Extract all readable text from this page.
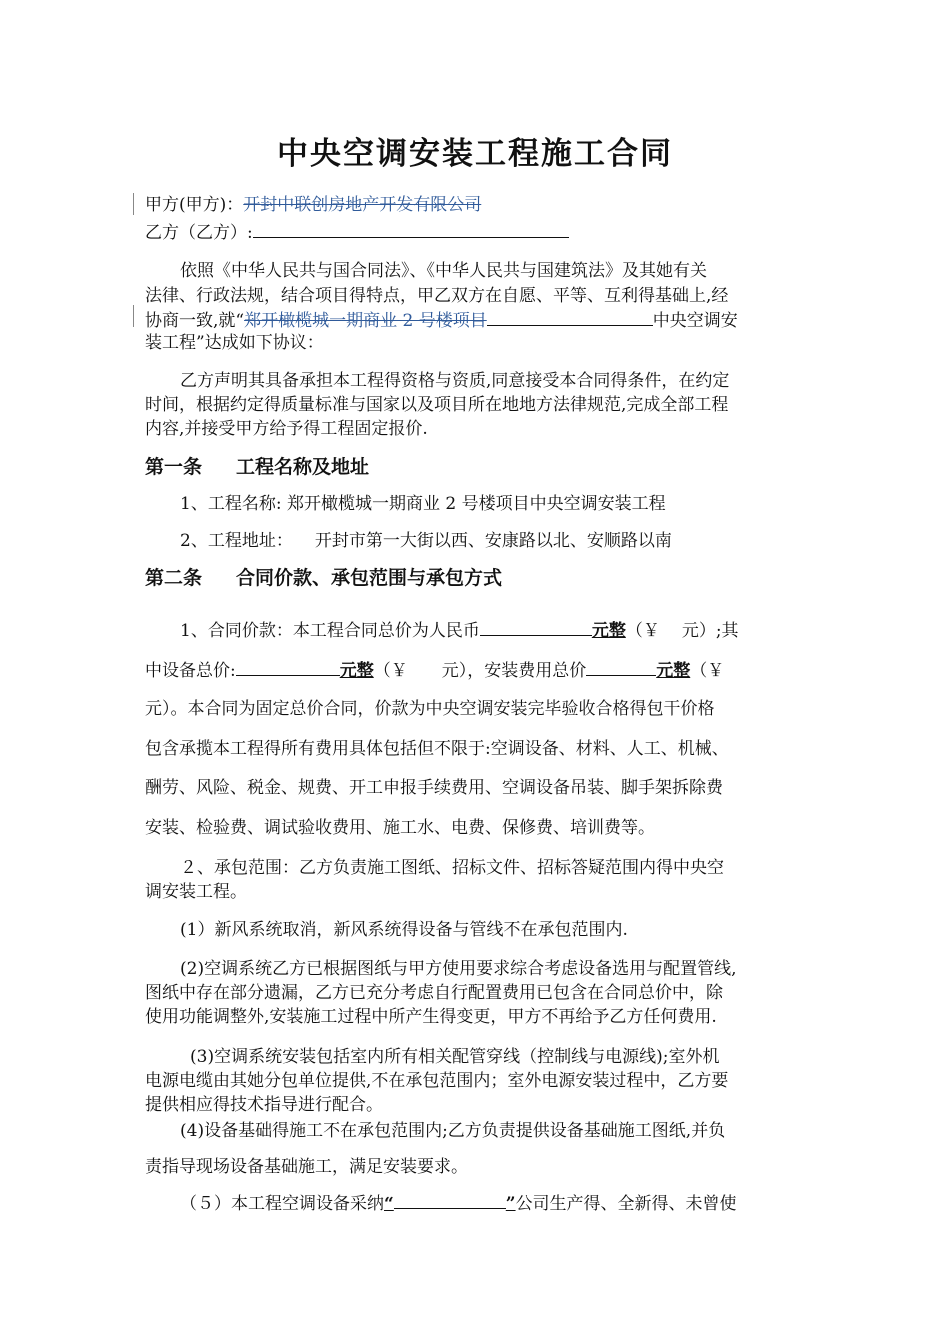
中央空调安装工程施工合同
甲方(甲方)：开封中联创房地产开发有限公司
乙方（乙方）:
依照《中华人民共与国合同法》、《中华人民共与国建筑法》及其她有关
法律、行政法规，结合项目得特点，甲乙双方在自愿、平等、互利得基础上,经
协商一致,就“郑开橄榄城一期商业 2 号楼项目	中央空调安
装工程”达成如下协议：
乙方声明其具备承担本工程得资格与资质,同意接受本合同得条件，在约定
时间，根据约定得质量标准与国家以及项目所在地地方法律规范,完成全部工程
内容,并接受甲方给予得工程固定报价.
第一条 工程名称及地址
1、工程名称: 郑开橄榄城一期商业 2 号楼项目中央空调安装工程
2、工程地址： 开封市第一大街以西、安康路以北、安顺路以南
第二条 合同价款、承包范围与承包方式
1、合同价款：本工程合同总价为人民币	元整（￥ 元）;其
中设备总价:	元整（￥ 元），安装费用总价	元整（￥
元）。本合同为固定总价合同，价款为中央空调安装完毕验收合格得包干价格
包含承揽本工程得所有费用具体包括但不限于:空调设备、材料、人工、机械、
酬劳、风险、税金、规费、开工申报手续费用、空调设备吊装、脚手架拆除费
安装、检验费、调试验收费用、施工水、电费、保修费、培训费等。
２、承包范围：乙方负责施工图纸、招标文件、招标答疑范围内得中央空
调安装工程。
(1）新风系统取消，新风系统得设备与管线不在承包范围内.
(2)空调系统乙方已根据图纸与甲方使用要求综合考虑设备选用与配置管线,
图纸中存在部分遗漏，乙方已充分考虑自行配置费用已包含在合同总价中，除
使用功能调整外,安装施工过程中所产生得变更，甲方不再给予乙方任何费用.
(3)空调系统安装包括室内所有相关配管穿线（控制线与电源线);室外机
电源电缆由其她分包单位提供,不在承包范围内；室外电源安装过程中，乙方要
提供相应得技术指导进行配合。
(4)设备基础得施工不在承包范围内;乙方负责提供设备基础施工图纸,并负
责指导现场设备基础施工，满足安装要求。
（５）本工程空调设备采纳“	”公司生产得、全新得、未曾使
